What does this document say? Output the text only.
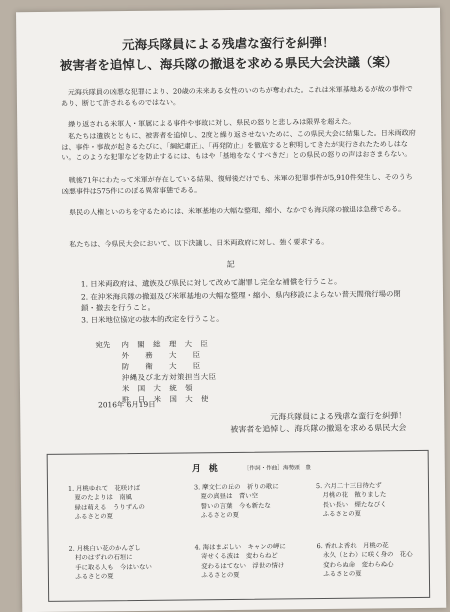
元海兵隊員による残虐な蛮行を糾弾！
被害者を追悼し、海兵隊の撤退を求める県民大会決議（案）
元海兵隊員の凶悪な犯罪により、20歳の未来ある女性のいのちが奪われた。これは米軍基地あるが故の事件であり、断じて許されるものではない。
繰り返される米軍人・軍属による事件や事故に対し、県民の怒りと悲しみは限界を超えた。
私たちは遺族とともに、被害者を追悼し、2度と繰り返させないために、この県民大会に結集した。日米両政府は、事件・事故が起きるたびに、「綱紀粛正」、「再発防止」を徹底すると釈明してきたが実行されたためしはない。このような犯罪などを防止するには、もはや「基地をなくすべきだ」との県民の怒りの声はおさまらない。
戦後71年にわたって米軍が存在している結果、復帰後だけでも、米軍の犯罪事件が5,910件発生し、そのうち凶悪事件は575件にのぼる異常事態である。
県民の人権といのちを守るためには、米軍基地の大幅な整理、縮小、なかでも海兵隊の撤退は急務である。
私たちは、今県民大会において、以下決議し、日米両政府に対し、強く要求する。
記
1. 日米両政府は、遺族及び県民に対して改めて謝罪し完全な補償を行うこと。
2. 在沖米海兵隊の撤退及び米軍基地の大幅な整理・縮小、県内移設によらない普天間飛行場の閉鎖・撤去を行うこと。
3. 日米地位協定の抜本的改定を行うこと。
宛先	内　閣　総　理　大　臣
外　　務　　大　　臣
防　　衛　　大　　臣
沖縄及び北方対策担当大臣
米　国　大　統　領
駐　日　米　国　大　使
2016年 6月19日
元海兵隊員による残虐な蛮行を糾弾！
被害者を追悼し、海兵隊の撤退を求める県民大会
月桃	［作詞・作曲］海勢頭　豊
1. 月桃ゆれて　花咲けば
　夏のたよりは　南風
　緑は萌える　うりずんの
　ふるさとの夏
2. 月桃白い花のかんざし
　村のはずれの石垣に
　手に取る人も　今はいない
　ふるさとの夏
3. 摩文仁の丘の　祈りの歌に
　夏の真昼は　青い空
　誓いの言葉　今も新たな
　ふるさとの夏
4. 海はまぶしい　キャンの岬に
　寄せくる波は　変わらねど
　変わるはてない　浮世の情け
　ふるさとの夏
5. 六月二十三日待たず
　月桃の花　散りました
　長い長い　煙たなびく
　ふるさとの夏
6. 香れよ香れ　月桃の花
　永久（とわ）に咲く身の　花心
　変わらぬ命　変わらぬ心
　ふるさとの夏
